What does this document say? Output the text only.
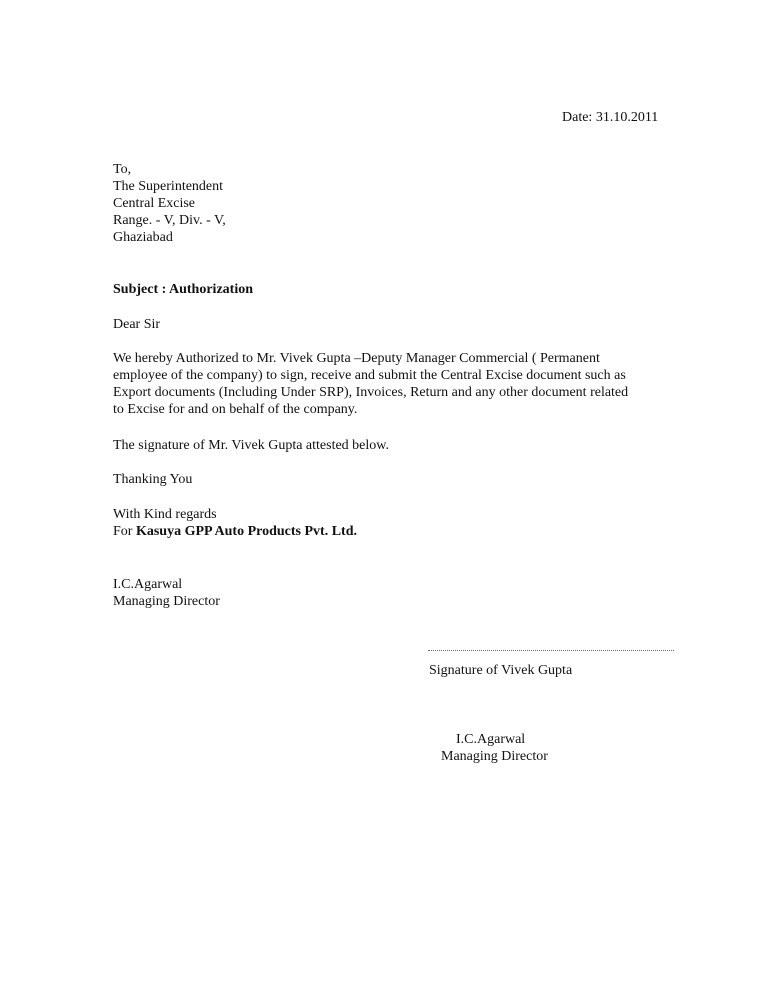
Date: 31.10.2011
To,
The Superintendent
Central Excise
Range. - V, Div. - V,
Ghaziabad
Subject : Authorization
Dear Sir
We hereby Authorized to Mr. Vivek Gupta –Deputy Manager Commercial ( Permanent
employee of the company) to sign, receive and submit the Central Excise document such as
Export documents (Including Under SRP), Invoices, Return and any other document related
to Excise for and on behalf of the company.
The signature of Mr. Vivek Gupta attested below.
Thanking You
With Kind regards
For Kasuya GPP Auto Products Pvt. Ltd.
I.C.Agarwal
Managing Director
Signature of Vivek Gupta
I.C.Agarwal
Managing Director
